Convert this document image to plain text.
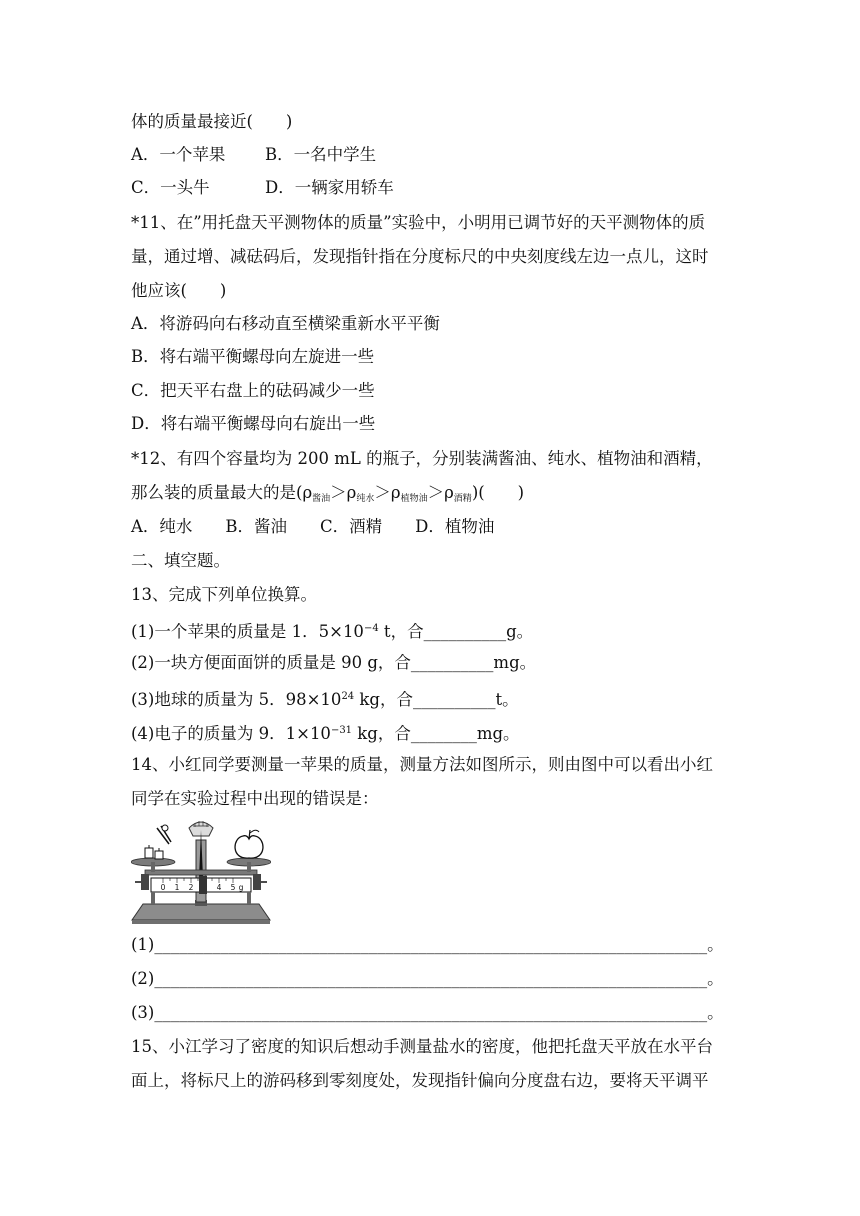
体的质量最接近(　　)
A．一个苹果 B．一名中学生
C．一头牛	D．一辆家用轿车
*11、在”用托盘天平测物体的质量”实验中，小明用已调节好的天平测物体的质
量，通过增、减砝码后，发现指针指在分度标尺的中央刻度线左边一点儿，这时
他应该(　　)
A．将游码向右移动直至横梁重新水平平衡
B．将右端平衡螺母向左旋进一些
C．把天平右盘上的砝码减少一些
D．将右端平衡螺母向右旋出一些
*12、有四个容量均为 200 mL 的瓶子，分别装满酱油、纯水、植物油和酒精，
那么装的质量最大的是$(\rho_{酱油}>\rho_{纯水}>\rho_{植物油}>\rho_{酒精})$(　　)
A．纯水　　B．酱油　　C．酒精　　D．植物油
二、填空题。
13、完成下列单位换算。
(1)一个苹果的质量是 1．$5\times 10^{-4}$ t，合__________g。
(2)一块方便面面饼的质量是 90 g，合__________mg。
(3)地球的质量为 5．$98\times 10^{24}$ kg，合__________t。
(4)电子的质量为 9．$1\times 10^{-31}$ kg，合________mg。
14、小红同学要测量一苹果的质量，测量方法如图所示，则由图中可以看出小红
同学在实验过程中出现的错误是：
0 1 2	4 5 g
(1)___________________________________________________________________。
(2)___________________________________________________________________。
(3)___________________________________________________________________。
15、小江学习了密度的知识后想动手测量盐水的密度，他把托盘天平放在水平台
面上，将标尺上的游码移到零刻度处，发现指针偏向分度盘右边，要将天平调平
